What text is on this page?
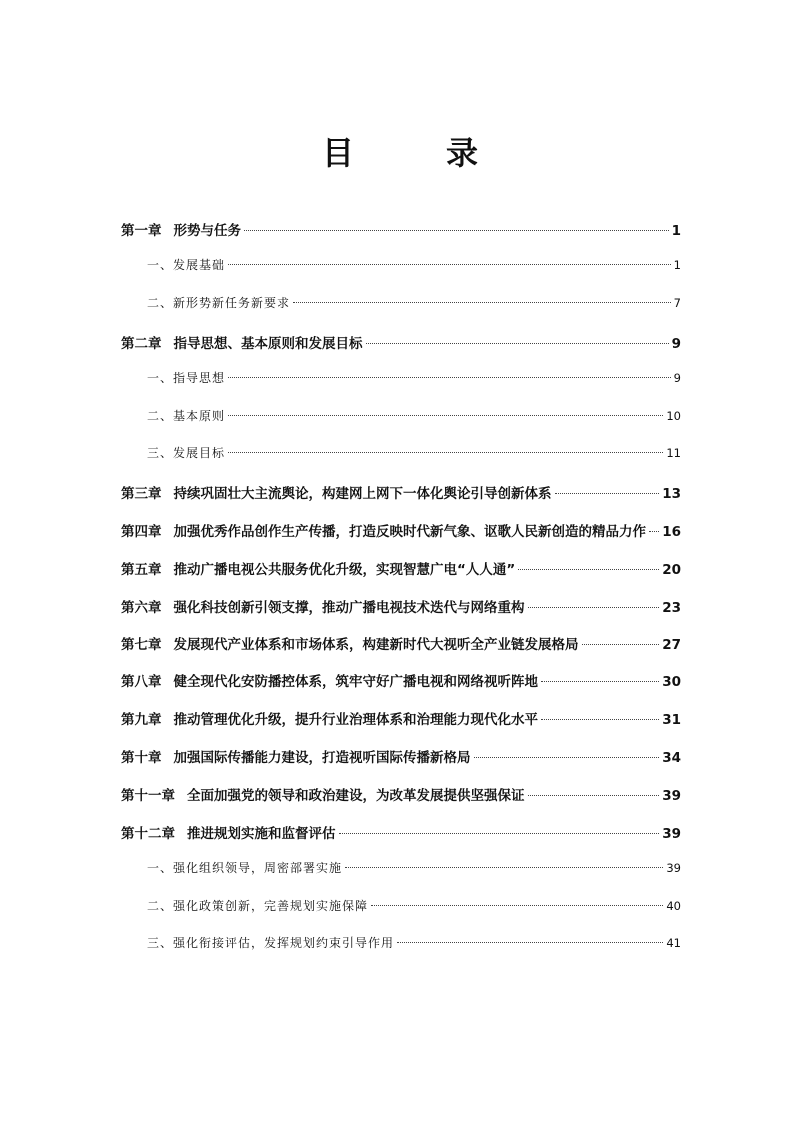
目　录
第一章 形势与任务	1
一、发展基础	1
二、新形势新任务新要求	7
第二章 指导思想、基本原则和发展目标	9
一、指导思想	9
二、基本原则	10
三、发展目标	11
第三章 持续巩固壮大主流舆论，构建网上网下一体化舆论引导创新体系	13
第四章 加强优秀作品创作生产传播，打造反映时代新气象、讴歌人民新创造的精品力作 16
第五章 推动广播电视公共服务优化升级，实现智慧广电“人人通”	20
第六章 强化科技创新引领支撑，推动广播电视技术迭代与网络重构	23
第七章 发展现代产业体系和市场体系，构建新时代大视听全产业链发展格局	27
第八章 健全现代化安防播控体系，筑牢守好广播电视和网络视听阵地	30
第九章 推动管理优化升级，提升行业治理体系和治理能力现代化水平	31
第十章 加强国际传播能力建设，打造视听国际传播新格局	34
第十一章 全面加强党的领导和政治建设，为改革发展提供坚强保证	39
第十二章 推进规划实施和监督评估	39
一、强化组织领导，周密部署实施	39
二、强化政策创新，完善规划实施保障	40
三、强化衔接评估，发挥规划约束引导作用	41
